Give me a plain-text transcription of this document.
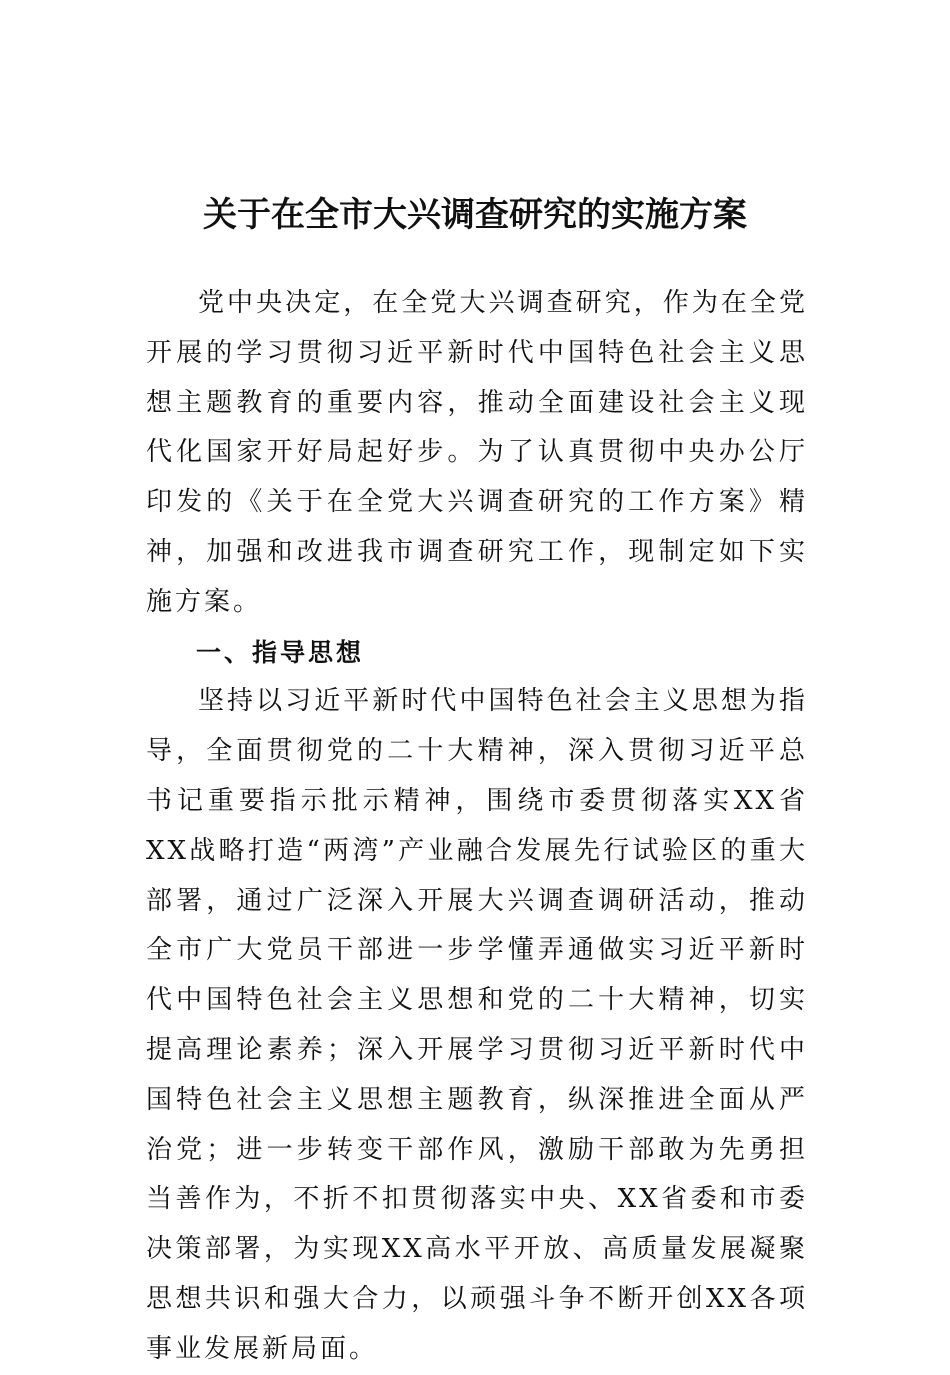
关于在全市大兴调查研究的实施方案

党中央决定，在全党大兴调查研究，作为在全党开展的学习贯彻习近平新时代中国特色社会主义思想主题教育的重要内容，推动全面建设社会主义现代化国家开好局起好步。为了认真贯彻中央办公厅印发的《关于在全党大兴调查研究的工作方案》精神，加强和改进我市调查研究工作，现制定如下实施方案。

一、指导思想

坚持以习近平新时代中国特色社会主义思想为指导，全面贯彻党的二十大精神，深入贯彻习近平总书记重要指示批示精神，围绕市委贯彻落实XX省XX战略打造“两湾”产业融合发展先行试验区的重大部署，通过广泛深入开展大兴调查调研活动，推动全市广大党员干部进一步学懂弄通做实习近平新时代中国特色社会主义思想和党的二十大精神，切实提高理论素养；深入开展学习贯彻习近平新时代中国特色社会主义思想主题教育，纵深推进全面从严治党；进一步转变干部作风，激励干部敢为先勇担当善作为，不折不扣贯彻落实中央、XX省委和市委决策部署，为实现XX高水平开放、高质量发展凝聚思想共识和强大合力，以顽强斗争不断开创XX各项事业发展新局面。
